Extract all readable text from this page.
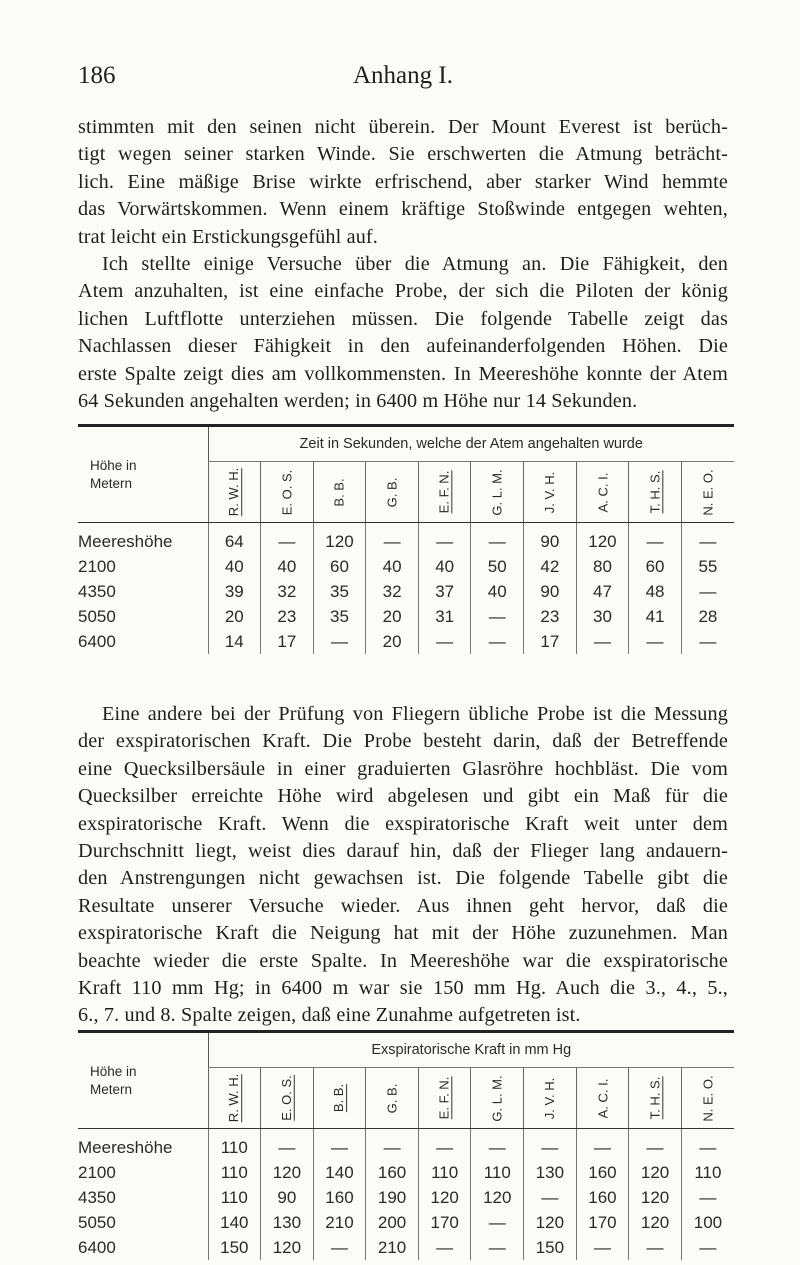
186	Anhang I.

stimmten mit den seinen nicht überein. Der Mount Everest ist berüch-
tigt wegen seiner starken Winde. Sie erschwerten die Atmung beträcht-
lich. Eine mäßige Brise wirkte erfrischend, aber starker Wind hemmte
das Vorwärtskommen. Wenn einem kräftige Stoßwinde entgegen wehten,
trat leicht ein Erstickungsgefühl auf.

Ich stellte einige Versuche über die Atmung an. Die Fähigkeit, den
Atem anzuhalten, ist eine einfache Probe, der sich die Piloten der könig
lichen Luftflotte unterziehen müssen. Die folgende Tabelle zeigt das
Nachlassen dieser Fähigkeit in den aufeinanderfolgenden Höhen. Die
erste Spalte zeigt dies am vollkommensten. In Meereshöhe konnte der Atem
64 Sekunden angehalten werden; in 6400 m Höhe nur 14 Sekunden.

Höhe in
Metern	Zeit in Sekunden, welche der Atem angehalten wurde									
	R. W. H.	E. O. S.	B. B.	G. B.	E. F. N.	G. L. M.	J. V. H.	A. C. I.	T. H. S.	N. E. O.
Meereshöhe	64	—	120	—	—	—	90	120	—	—
2100	40	40	60	40	40	50	42	80	60	55
4350	39	32	35	32	37	40	90	47	48	—
5050	20	23	35	20	31	—	23	30	41	28
6400	14	17	—	20	—	—	17	—	—	—

Eine andere bei der Prüfung von Fliegern übliche Probe ist die Messung
der exspiratorischen Kraft. Die Probe besteht darin, daß der Betreffende
eine Quecksilbersäule in einer graduierten Glasröhre hochbläst. Die vom
Quecksilber erreichte Höhe wird abgelesen und gibt ein Maß für die
exspiratorische Kraft. Wenn die exspiratorische Kraft weit unter dem
Durchschnitt liegt, weist dies darauf hin, daß der Flieger lang andauern-
den Anstrengungen nicht gewachsen ist. Die folgende Tabelle gibt die
Resultate unserer Versuche wieder. Aus ihnen geht hervor, daß die
exspiratorische Kraft die Neigung hat mit der Höhe zuzunehmen. Man
beachte wieder die erste Spalte. In Meereshöhe war die exspiratorische
Kraft 110 mm Hg; in 6400 m war sie 150 mm Hg. Auch die 3., 4., 5.,
6., 7. und 8. Spalte zeigen, daß eine Zunahme aufgetreten ist.

Höhe in
Metern	Exspiratorische Kraft in mm Hg									
	R. W. H.	E. O. S.	B. B.	G. B.	E. F. N.	G. L. M.	J. V. H.	A. C. I.	T. H. S.	N. E. O.
Meereshöhe	110	—	—	—	—	—	—	—	—	—
2100	110	120	140	160	110	110	130	160	120	110
4350	110	90	160	190	120	120	—	160	120	—
5050	140	130	210	200	170	—	120	170	120	100
6400	150	120	—	210	—	—	150	—	—	—
